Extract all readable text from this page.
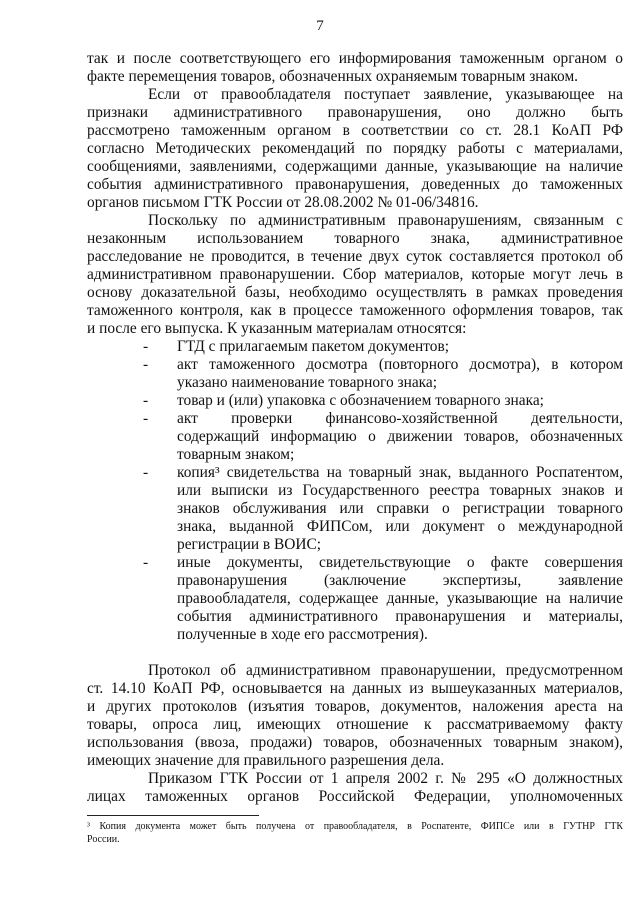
7
так и после соответствующего его информирования таможенным органом о
факте перемещения товаров, обозначенных охраняемым товарным знаком.
Если от правообладателя поступает заявление, указывающее на
признаки административного правонарушения, оно должно быть
рассмотрено таможенным органом в соответствии со ст. 28.1 КоАП РФ
согласно Методических рекомендаций по порядку работы с материалами,
сообщениями, заявлениями, содержащими данные, указывающие на наличие
события административного правонарушения, доведенных до таможенных
органов письмом ГТК России от 28.08.2002 № 01-06/34816.
Поскольку по административным правонарушениям, связанным с
незаконным использованием товарного знака, административное
расследование не проводится, в течение двух суток составляется протокол об
административном правонарушении. Сбор материалов, которые могут лечь в
основу доказательной базы, необходимо осуществлять в рамках проведения
таможенного контроля, как в процессе таможенного оформления товаров, так
и после его выпуска. К указанным материалам относятся:
- ГТД с прилагаемым пакетом документов;
- акт таможенного досмотра (повторного досмотра), в котором
указано наименование товарного знака;
- товар и (или) упаковка с обозначением товарного знака;
- акт проверки финансово-хозяйственной деятельности,
содержащий информацию о движении товаров, обозначенных
товарным знаком;
- копия³ свидетельства на товарный знак, выданного Роспатентом,
или выписки из Государственного реестра товарных знаков и
знаков обслуживания или справки о регистрации товарного
знака, выданной ФИПСом, или документ о международной
регистрации в ВОИС;
- иные документы, свидетельствующие о факте совершения
правонарушения (заключение экспертизы, заявление
правообладателя, содержащее данные, указывающие на наличие
события административного правонарушения и материалы,
полученные в ходе его рассмотрения).
Протокол об административном правонарушении, предусмотренном
ст. 14.10 КоАП РФ, основывается на данных из вышеуказанных материалов,
и других протоколов (изъятия товаров, документов, наложения ареста на
товары, опроса лиц, имеющих отношение к рассматриваемому факту
использования (ввоза, продажи) товаров, обозначенных товарным знаком),
имеющих значение для правильного разрешения дела.
Приказом ГТК России от 1 апреля 2002 г. № 295 «О должностных
лицах таможенных органов Российской Федерации, уполномоченных
³ Копия документа может быть получена от правообладателя, в Роспатенте, ФИПСе или в ГУТНР ГТК
России.
